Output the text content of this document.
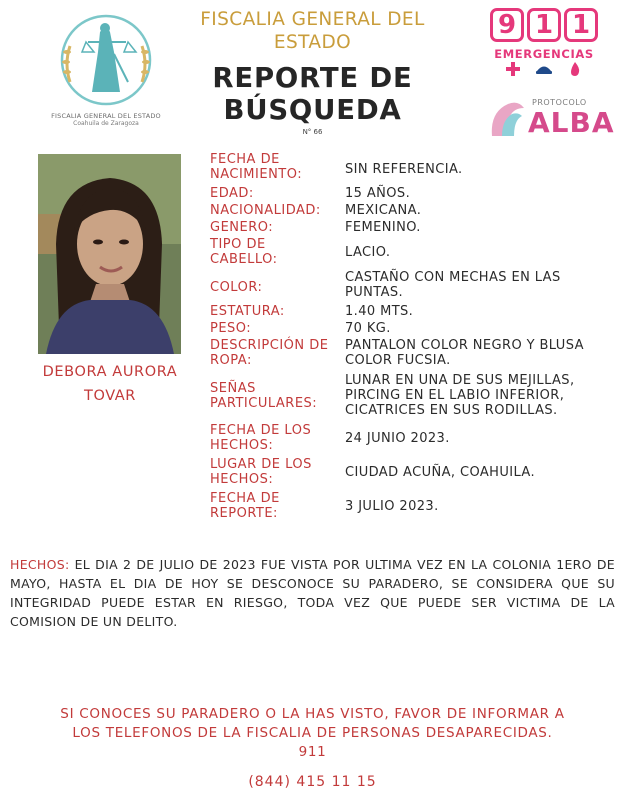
FISCALIA GENERAL DEL ESTADO
Coahuila de Zaragoza
FISCALIA GENERAL DEL
ESTADO
REPORTE DE
BÚSQUEDA
N° 66
9 1 1
EMERGENCIAS
PROTOCOLO
ALBA
DEBORA AURORA
TOVAR
FECHA DE
NACIMIENTO:	SIN REFERENCIA.
EDAD:	15 AÑOS.
NACIONALIDAD: MEXICANA.
GENERO:	FEMENINO.
TIPO DE
CABELLO:	LACIO.
COLOR:
CASTAÑO CON MECHAS EN LAS
PUNTAS.
ESTATURA:	1.40 MTS.
PESO:	70 KG.
DESCRIPCIÓN DE
ROPA:
PANTALON COLOR NEGRO Y BLUSA
COLOR FUCSIA.
SEÑAS
PARTICULARES:
LUNAR EN UNA DE SUS MEJILLAS,
PIRCING EN EL LABIO INFERIOR,
CICATRICES EN SUS RODILLAS.
FECHA DE LOS
HECHOS:	24 JUNIO 2023.
LUGAR DE LOS
HECHOS:	CIUDAD ACUÑA, COAHUILA.
FECHA DE
REPORTE:	3 JULIO 2023.

HECHOS: EL DIA 2 DE JULIO DE 2023 FUE VISTA POR ULTIMA VEZ EN LA COLONIA 1ERO DE MAYO, HASTA EL DIA DE HOY SE DESCONOCE SU PARADERO, SE CONSIDERA QUE SU INTEGRIDAD PUEDE ESTAR EN RIESGO, TODA VEZ QUE PUEDE SER VICTIMA DE LA COMISION DE UN DELITO.

SI CONOCES SU PARADERO O LA HAS VISTO, FAVOR DE INFORMAR A
LOS TELEFONOS DE LA FISCALIA DE PERSONAS DESAPARECIDAS.
911
(844) 415 11 15
